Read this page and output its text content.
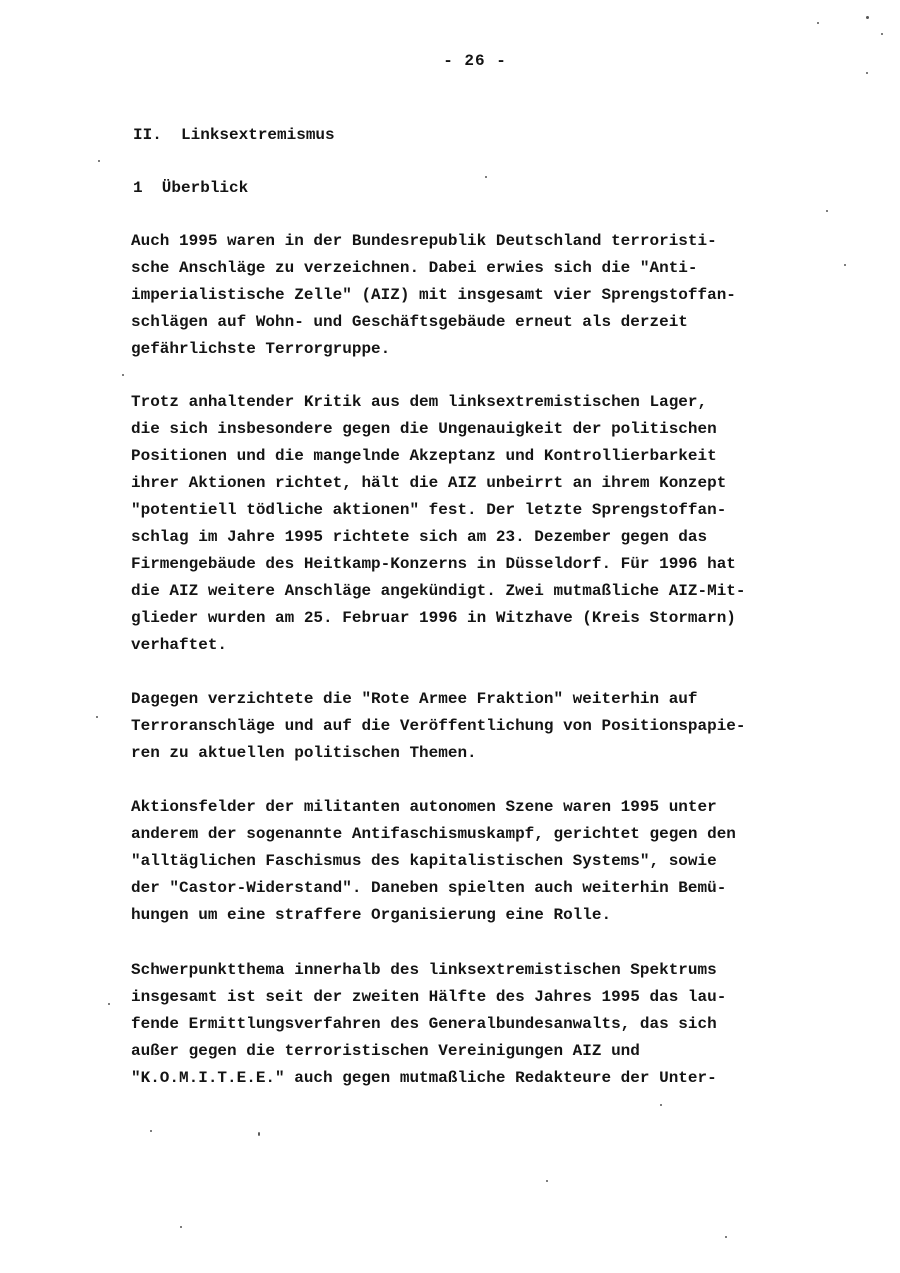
- 26 -
II.  Linksextremismus
1  Überblick
Auch 1995 waren in der Bundesrepublik Deutschland terroristi-
sche Anschläge zu verzeichnen. Dabei erwies sich die "Anti-
imperialistische Zelle" (AIZ) mit insgesamt vier Sprengstoffan-
schlägen auf Wohn- und Geschäftsgebäude erneut als derzeit
gefährlichste Terrorgruppe.
Trotz anhaltender Kritik aus dem linksextremistischen Lager,
die sich insbesondere gegen die Ungenauigkeit der politischen
Positionen und die mangelnde Akzeptanz und Kontrollierbarkeit
ihrer Aktionen richtet, hält die AIZ unbeirrt an ihrem Konzept
"potentiell tödliche aktionen" fest. Der letzte Sprengstoffan-
schlag im Jahre 1995 richtete sich am 23. Dezember gegen das
Firmengebäude des Heitkamp-Konzerns in Düsseldorf. Für 1996 hat
die AIZ weitere Anschläge angekündigt. Zwei mutmaßliche AIZ-Mit-
glieder wurden am 25. Februar 1996 in Witzhave (Kreis Stormarn)
verhaftet.
Dagegen verzichtete die "Rote Armee Fraktion" weiterhin auf
Terroranschläge und auf die Veröffentlichung von Positionspapie-
ren zu aktuellen politischen Themen.
Aktionsfelder der militanten autonomen Szene waren 1995 unter
anderem der sogenannte Antifaschismuskampf, gerichtet gegen den
"alltäglichen Faschismus des kapitalistischen Systems", sowie
der "Castor-Widerstand". Daneben spielten auch weiterhin Bemü-
hungen um eine straffere Organisierung eine Rolle.
Schwerpunktthema innerhalb des linksextremistischen Spektrums
insgesamt ist seit der zweiten Hälfte des Jahres 1995 das lau-
fende Ermittlungsverfahren des Generalbundesanwalts, das sich
außer gegen die terroristischen Vereinigungen AIZ und
"K.O.M.I.T.E.E." auch gegen mutmaßliche Redakteure der Unter-
